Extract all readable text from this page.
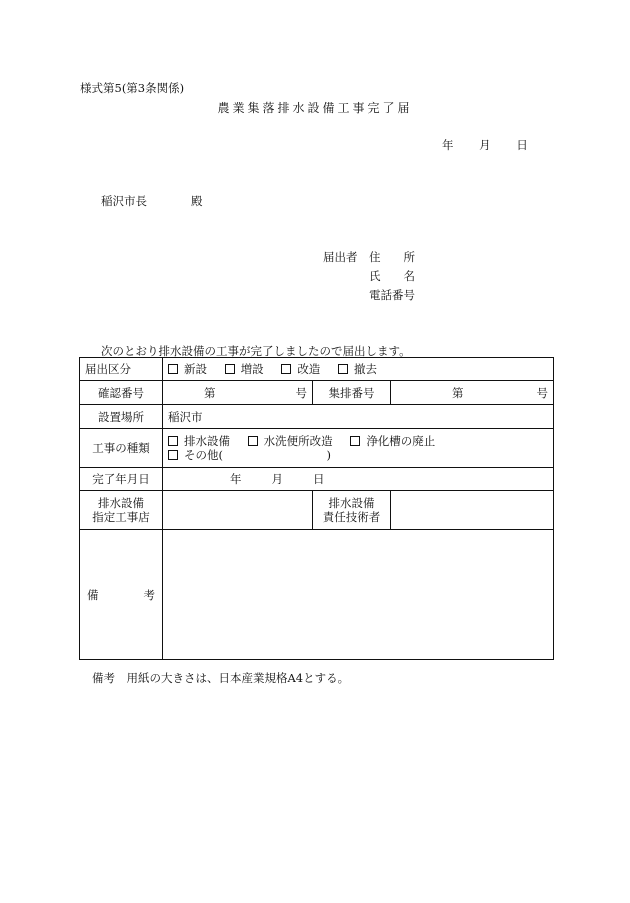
様式第5(第3条関係)
農業集落排水設備工事完了届
年 月 日
稲沢市長	殿
届出者 住　　所
氏　　名
電話番号
次のとおり排水設備の工事が完了しましたので届出します。
届出区分	新設 増設 改造 撤去		
確認番号	第 号	集排番号	第 号

設置場所	稲沢市		
工事の種類	排水設備 水洗便所改造 浄化槽の廃止
その他(　　　　　　　　　)		
完了年月日	年 月 日		
排水設備
指定工事店		排水設備
責任技術者	

備 考			

備考　用紙の大きさは、日本産業規格A4とする。
